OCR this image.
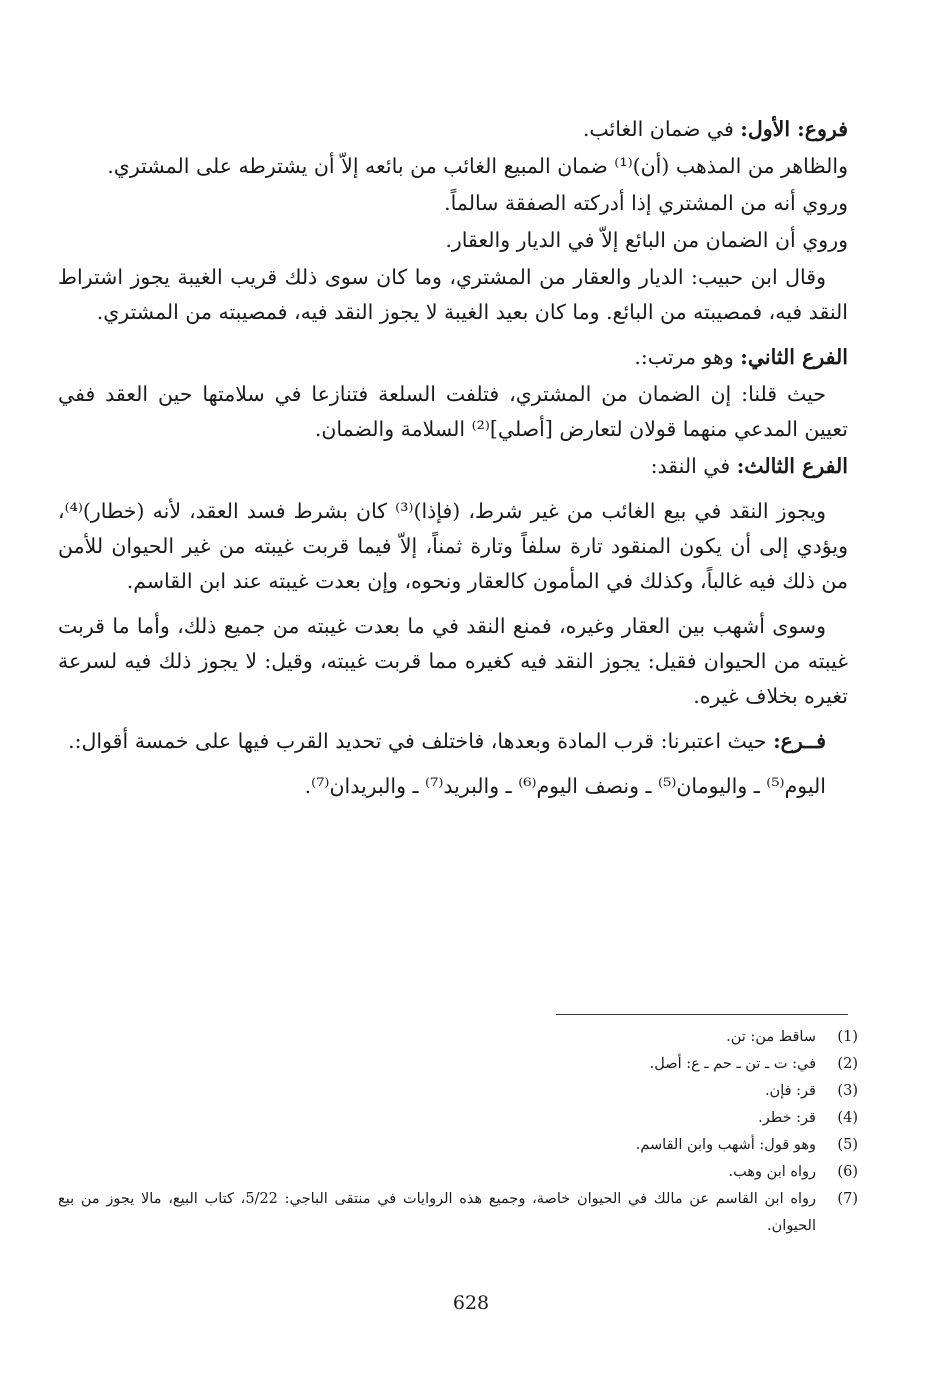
فروع: الأول: في ضمان الغائب.

والظاهر من المذهب (أن)⁽¹⁾ ضمان المبيع الغائب من بائعه إلاّ أن يشترطه على المشتري.

وروي أنه من المشتري إذا أدركته الصفقة سالماً.

وروي أن الضمان من البائع إلاّ في الديار والعقار.

وقال ابن حبيب: الديار والعقار من المشتري، وما كان سوى ذلك قريب الغيبة يجوز اشتراط النقد فيه، فمصيبته من البائع. وما كان بعيد الغيبة لا يجوز النقد فيه، فمصيبته من المشتري.

الفرع الثاني: وهو مرتب:.

حيث قلنا: إن الضمان من المشتري، فتلفت السلعة فتنازعا في سلامتها حين العقد ففي تعيين المدعي منهما قولان لتعارض [أصلي]⁽²⁾ السلامة والضمان.

الفرع الثالث: في النقد:

ويجوز النقد في بيع الغائب من غير شرط، (فإذا)⁽³⁾ كان بشرط فسد العقد، لأنه (خطار)⁽⁴⁾، ويؤدي إلى أن يكون المنقود تارة سلفاً وتارة ثمناً، إلاّ فيما قربت غيبته من غير الحيوان للأمن من ذلك فيه غالباً، وكذلك في المأمون كالعقار ونحوه، وإن بعدت غيبته عند ابن القاسم.

وسوى أشهب بين العقار وغيره، فمنع النقد في ما بعدت غيبته من جميع ذلك، وأما ما قربت غيبته من الحيوان فقيل: يجوز النقد فيه كغيره مما قربت غيبته، وقيل: لا يجوز ذلك فيه لسرعة تغيره بخلاف غيره.

فــرع: حيث اعتبرنا: قرب المادة وبعدها، فاختلف في تحديد القرب فيها على خمسة أقوال:.

اليوم⁽⁵⁾ ـ واليومان⁽⁵⁾ ـ ونصف اليوم⁽⁶⁾ ـ والبريد⁽⁷⁾ ـ والبريدان⁽⁷⁾.

(1)
ساقط من: تن.
(2)
في: ت ـ تن ـ حم ـ ع: أصل.
(3)
قر: فإن.
(4)
قر: خطر.
(5)
وهو قول: أشهب وابن القاسم.
(6)
رواه ابن وهب.
(7)
رواه ابن القاسم عن مالك في الحيوان خاصة، وجميع هذه الروايات في منتقى الباجي: 5/22، كتاب البيع، مالا يجوز من بيع الحيوان.
628
